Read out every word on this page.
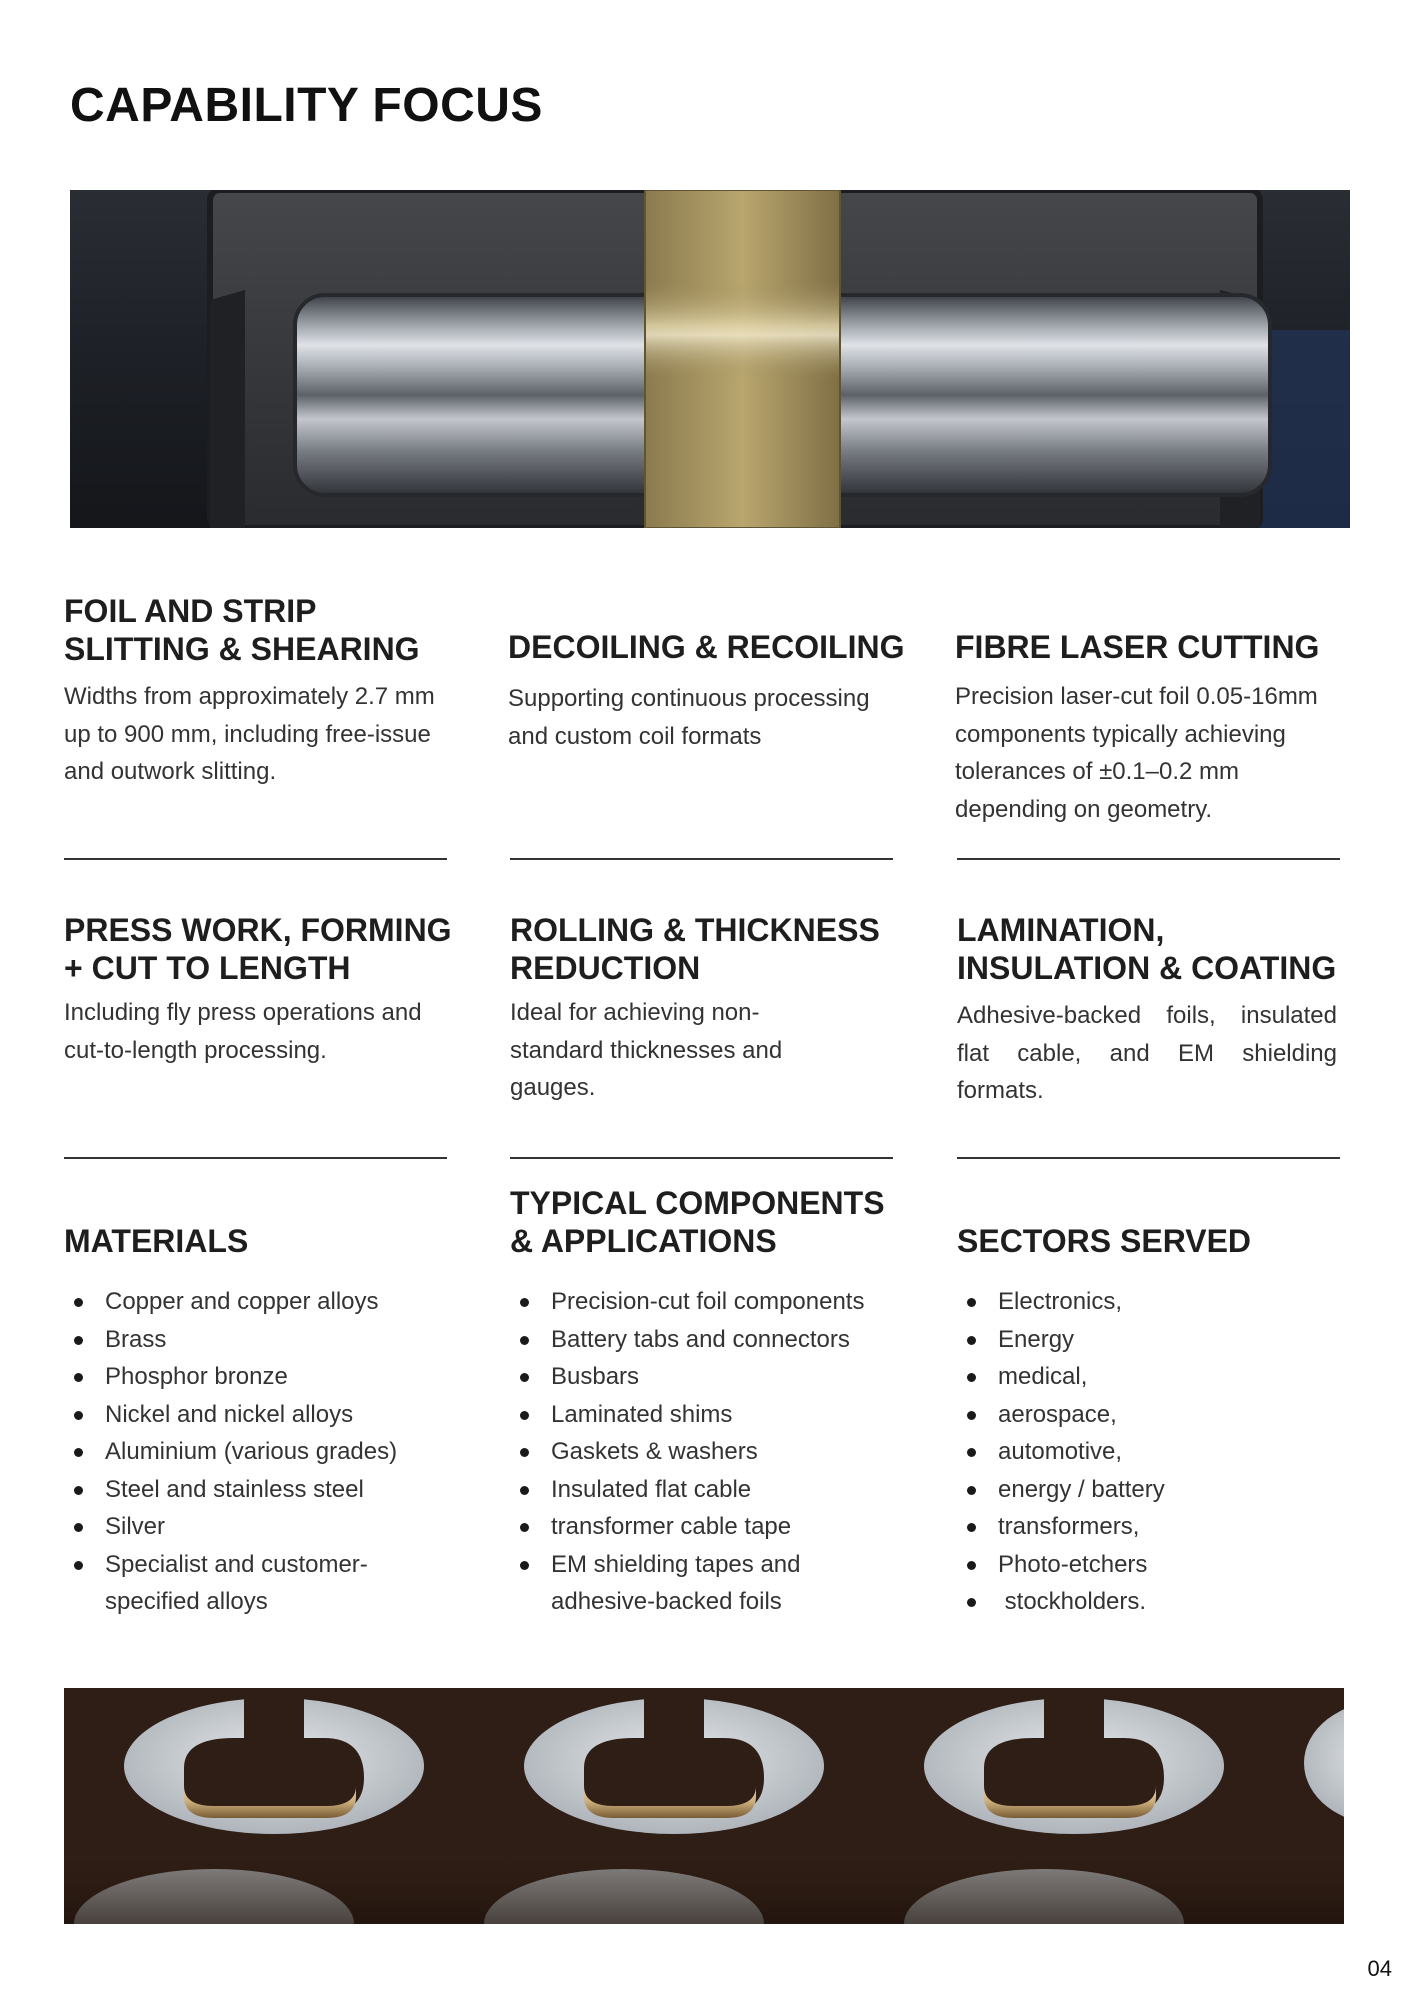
CAPABILITY FOCUS
FOIL AND STRIP SLITTING & SHEARING

Widths from approximately 2.7 mm up to 900 mm, including free-issue and outwork slitting.

DECOILING & RECOILING

Supporting continuous processing and custom coil formats

FIBRE LASER CUTTING

Precision laser-cut foil 0.05-16mm components typically achieving tolerances of ±0.1–0.2 mm depending on geometry.

PRESS WORK, FORMING + CUT TO LENGTH

Including fly press operations and cut-to-length processing.

ROLLING & THICKNESS REDUCTION

Ideal for achieving non-standard thicknesses and gauges.

LAMINATION, INSULATION & COATING

Adhesive-backed foils, insulated flat cable, and EM shielding formats.

MATERIALS
Copper and copper alloys
Brass
Phosphor bronze
Nickel and nickel alloys
Aluminium (various grades)
Steel and stainless steel
Silver
Specialist and customer-specified alloys
TYPICAL COMPONENTS & APPLICATIONS
Precision-cut foil components
Battery tabs and connectors
Busbars
Laminated shims
Gaskets & washers
Insulated flat cable
transformer cable tape
EM shielding tapes and adhesive-backed foils
SECTORS SERVED
Electronics,
Energy
medical,
aerospace,
automotive,
energy / battery
transformers,
Photo-etchers
stockholders.
04
